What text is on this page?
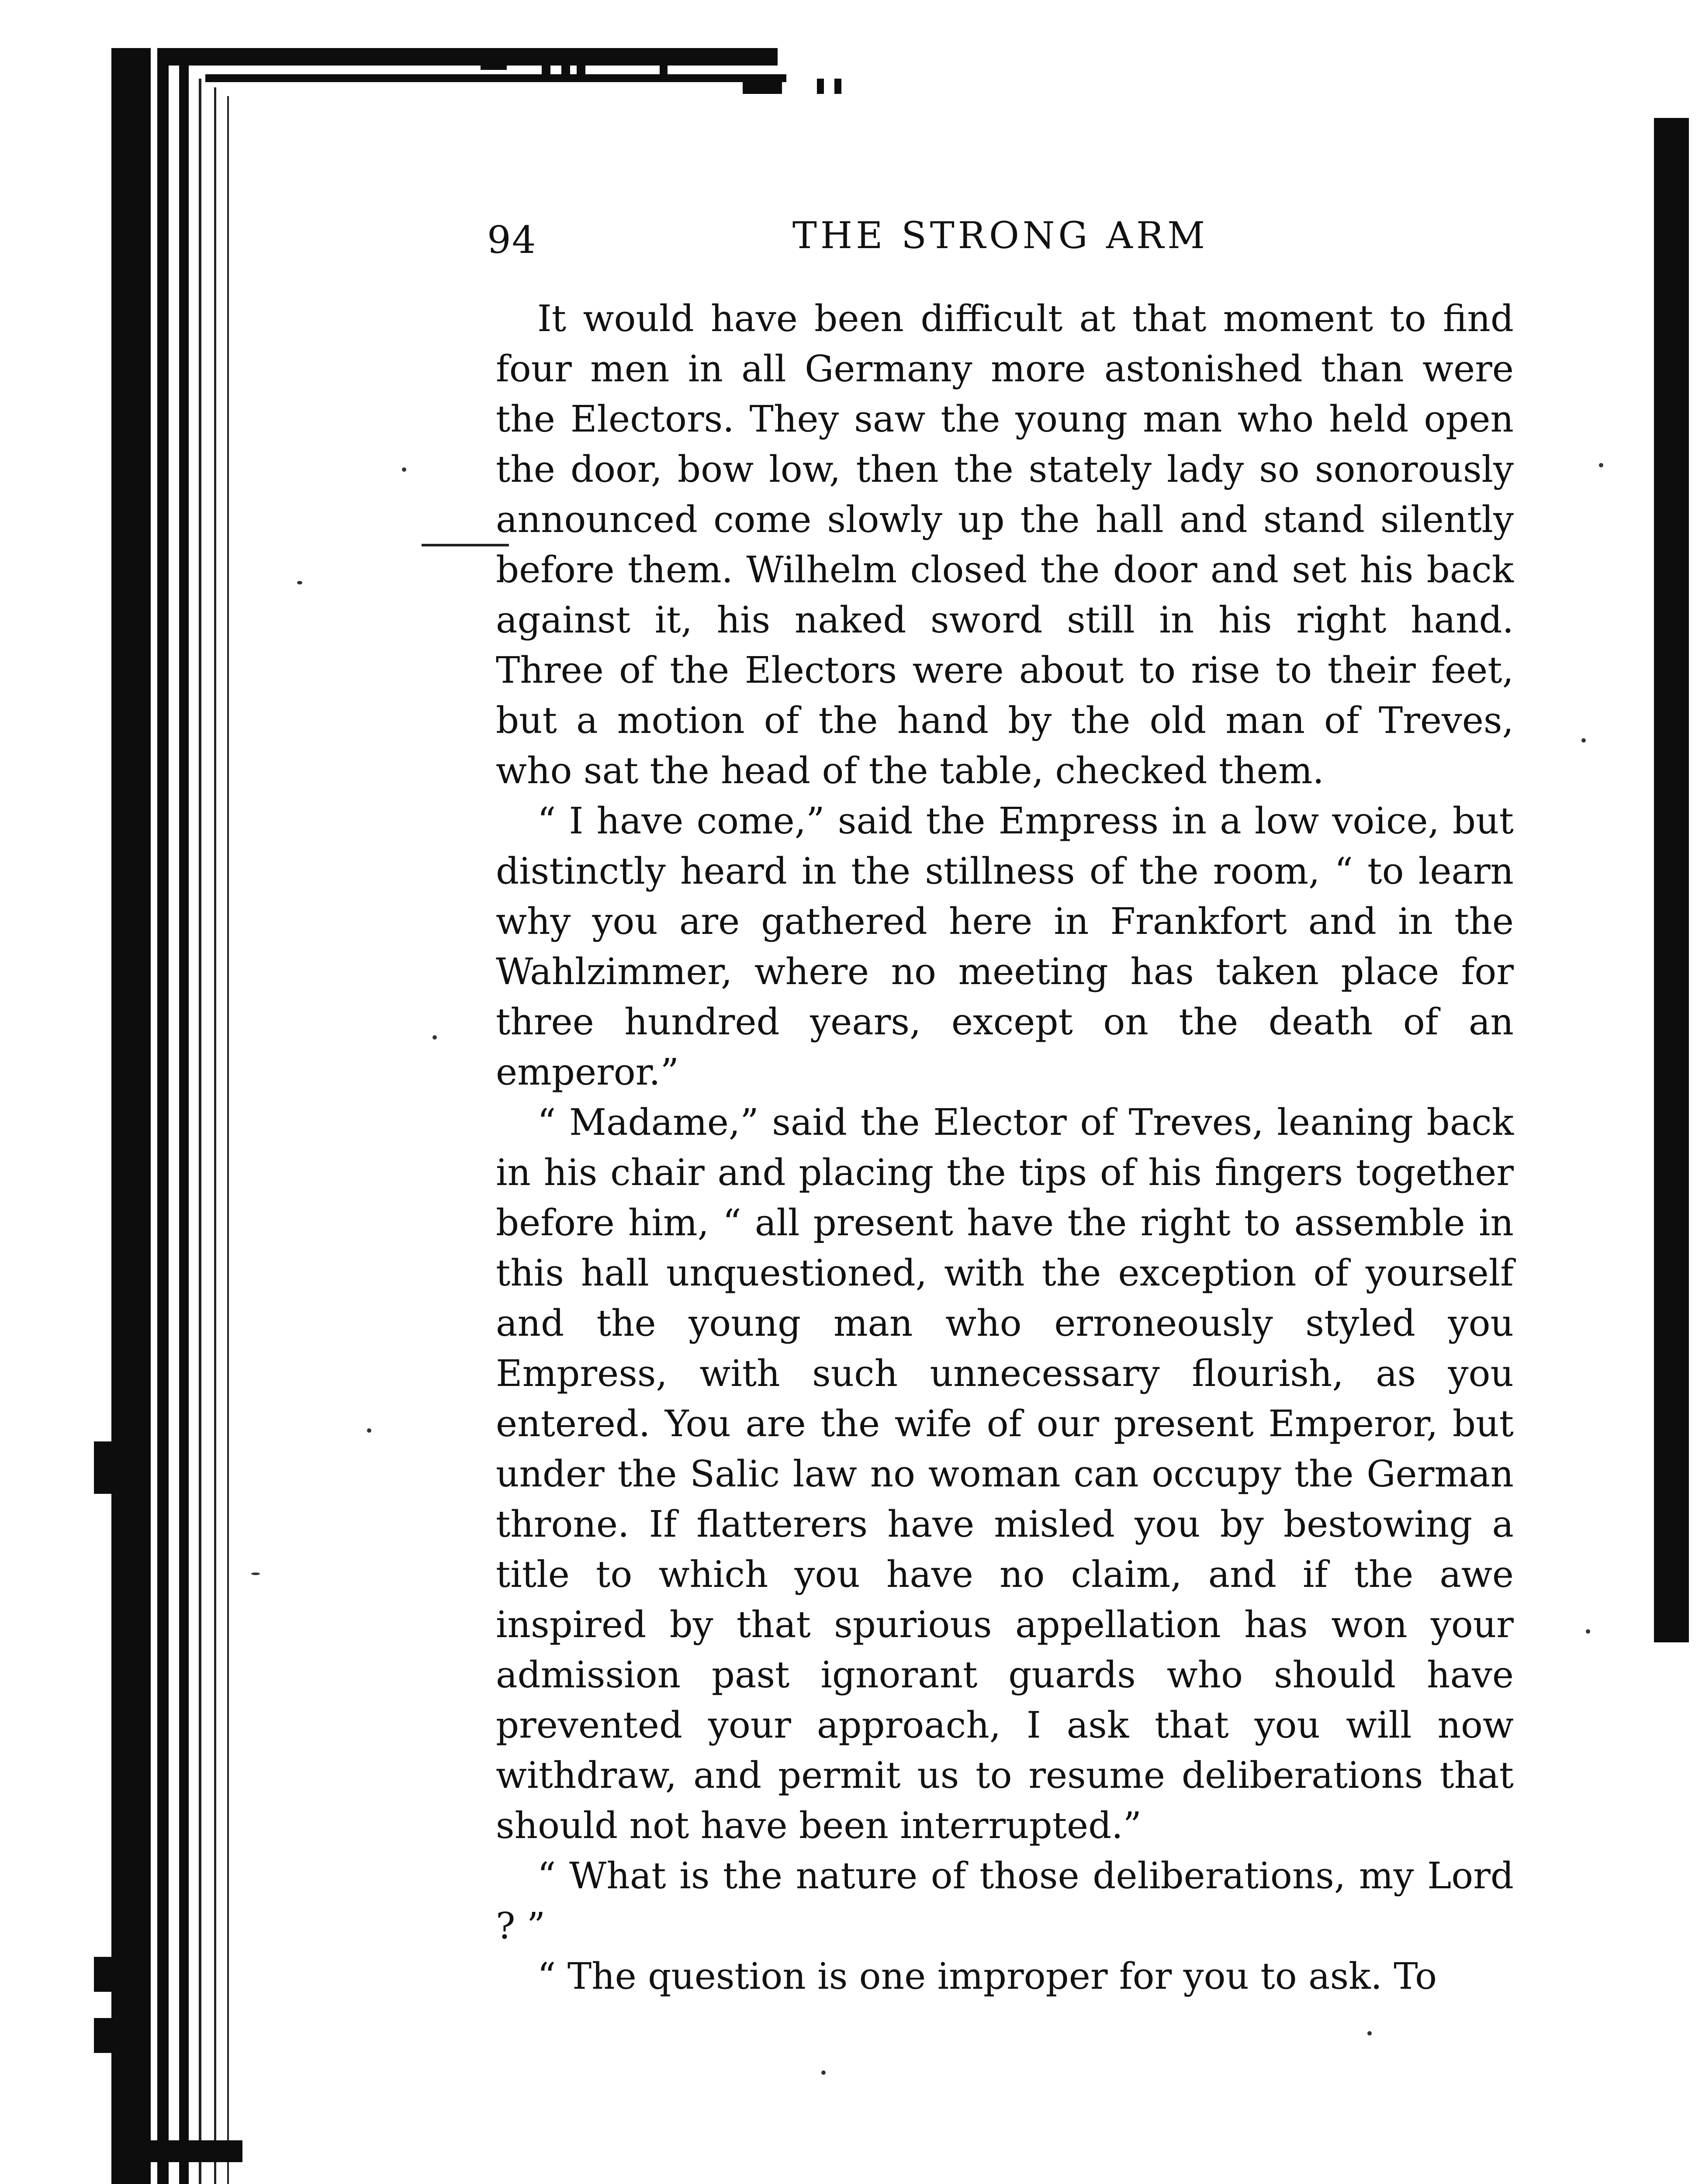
94	THE STRONG ARM

It would have been difficult at that moment to find four men in all Germany more astonished than were the Electors. They saw the young man who held open the door, bow low, then the stately lady so sonorously announced come slowly up the hall and stand silently before them. Wilhelm closed the door and set his back against it, his naked sword still in his right hand. Three of the Electors were about to rise to their feet, but a motion of the hand by the old man of Treves, who sat the head of the table, checked them.

“ I have come,” said the Empress in a low voice, but distinctly heard in the stillness of the room, “ to learn why you are gathered here in Frankfort and in the Wahlzimmer, where no meeting has taken place for three hundred years, except on the death of an emperor.”

“ Madame,” said the Elector of Treves, leaning back in his chair and placing the tips of his fingers together before him, “ all present have the right to assemble in this hall unquestioned, with the exception of yourself and the young man who erroneously styled you Empress, with such unnecessary flourish, as you entered. You are the wife of our present Emperor, but under the Salic law no woman can occupy the German throne. If flatterers have misled you by bestowing a title to which you have no claim, and if the awe inspired by that spurious appellation has won your admission past ignorant guards who should have prevented your approach, I ask that you will now withdraw, and permit us to resume deliberations that should not have been interrupted.”

“ What is the nature of those deliberations, my Lord ? ”

“ The question is one improper for you to ask. To
